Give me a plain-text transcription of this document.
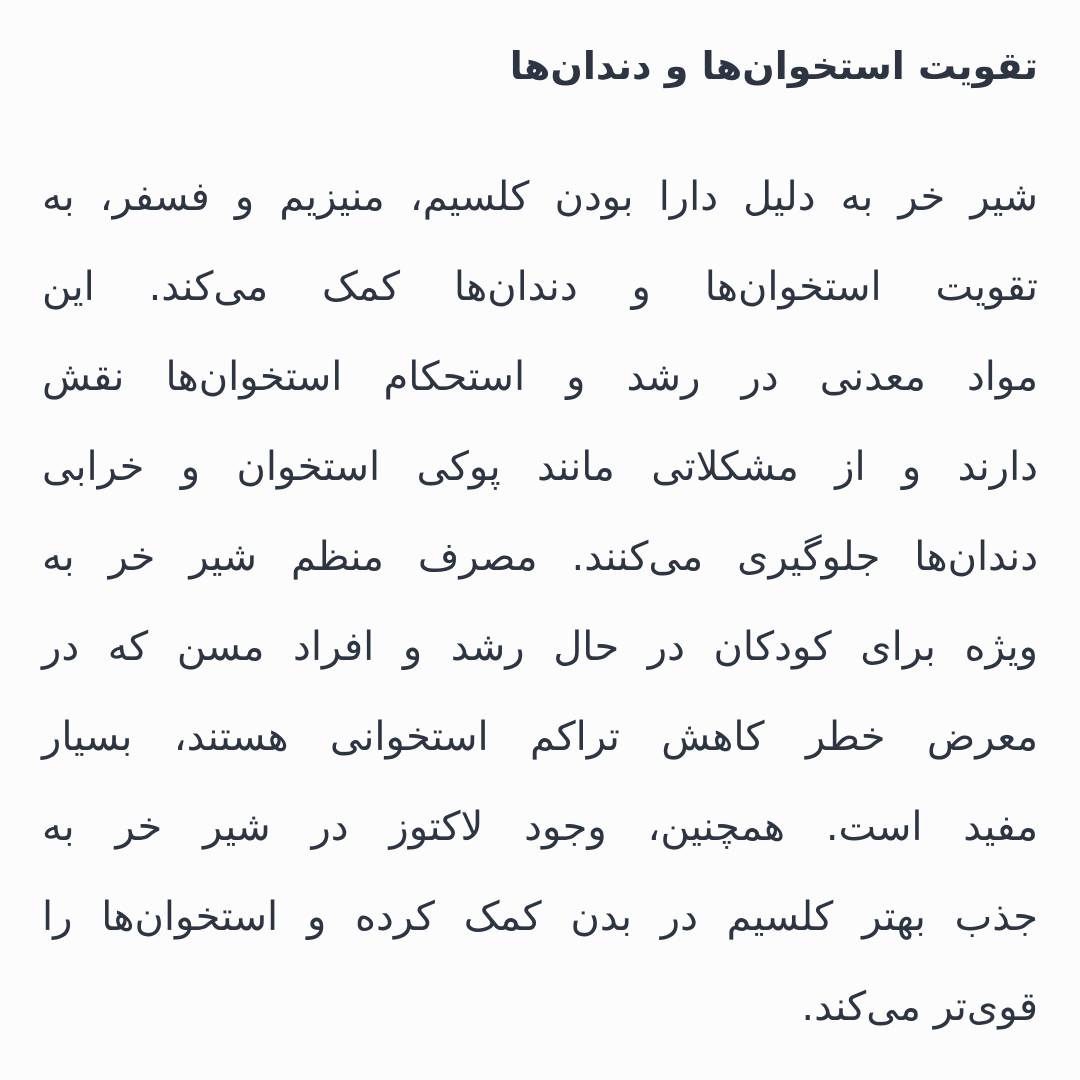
تقویت استخوان‌ها و دندان‌ها

شیر خر به دلیل دارا بودن کلسیم، منیزیم و فسفر، به

تقویت استخوان‌ها و دندان‌ها کمک می‌کند. این

مواد معدنی در رشد و استحکام استخوان‌ها نقش

دارند و از مشکلاتی مانند پوکی استخوان و خرابی

دندان‌ها جلوگیری می‌کنند. مصرف منظم شیر خر به

ویژه برای کودکان در حال رشد و افراد مسن که در

معرض خطر کاهش تراکم استخوانی هستند، بسیار

مفید است. همچنین، وجود لاکتوز در شیر خر به

جذب بهتر کلسیم در بدن کمک کرده و استخوان‌ها را

قوی‌تر می‌کند.
